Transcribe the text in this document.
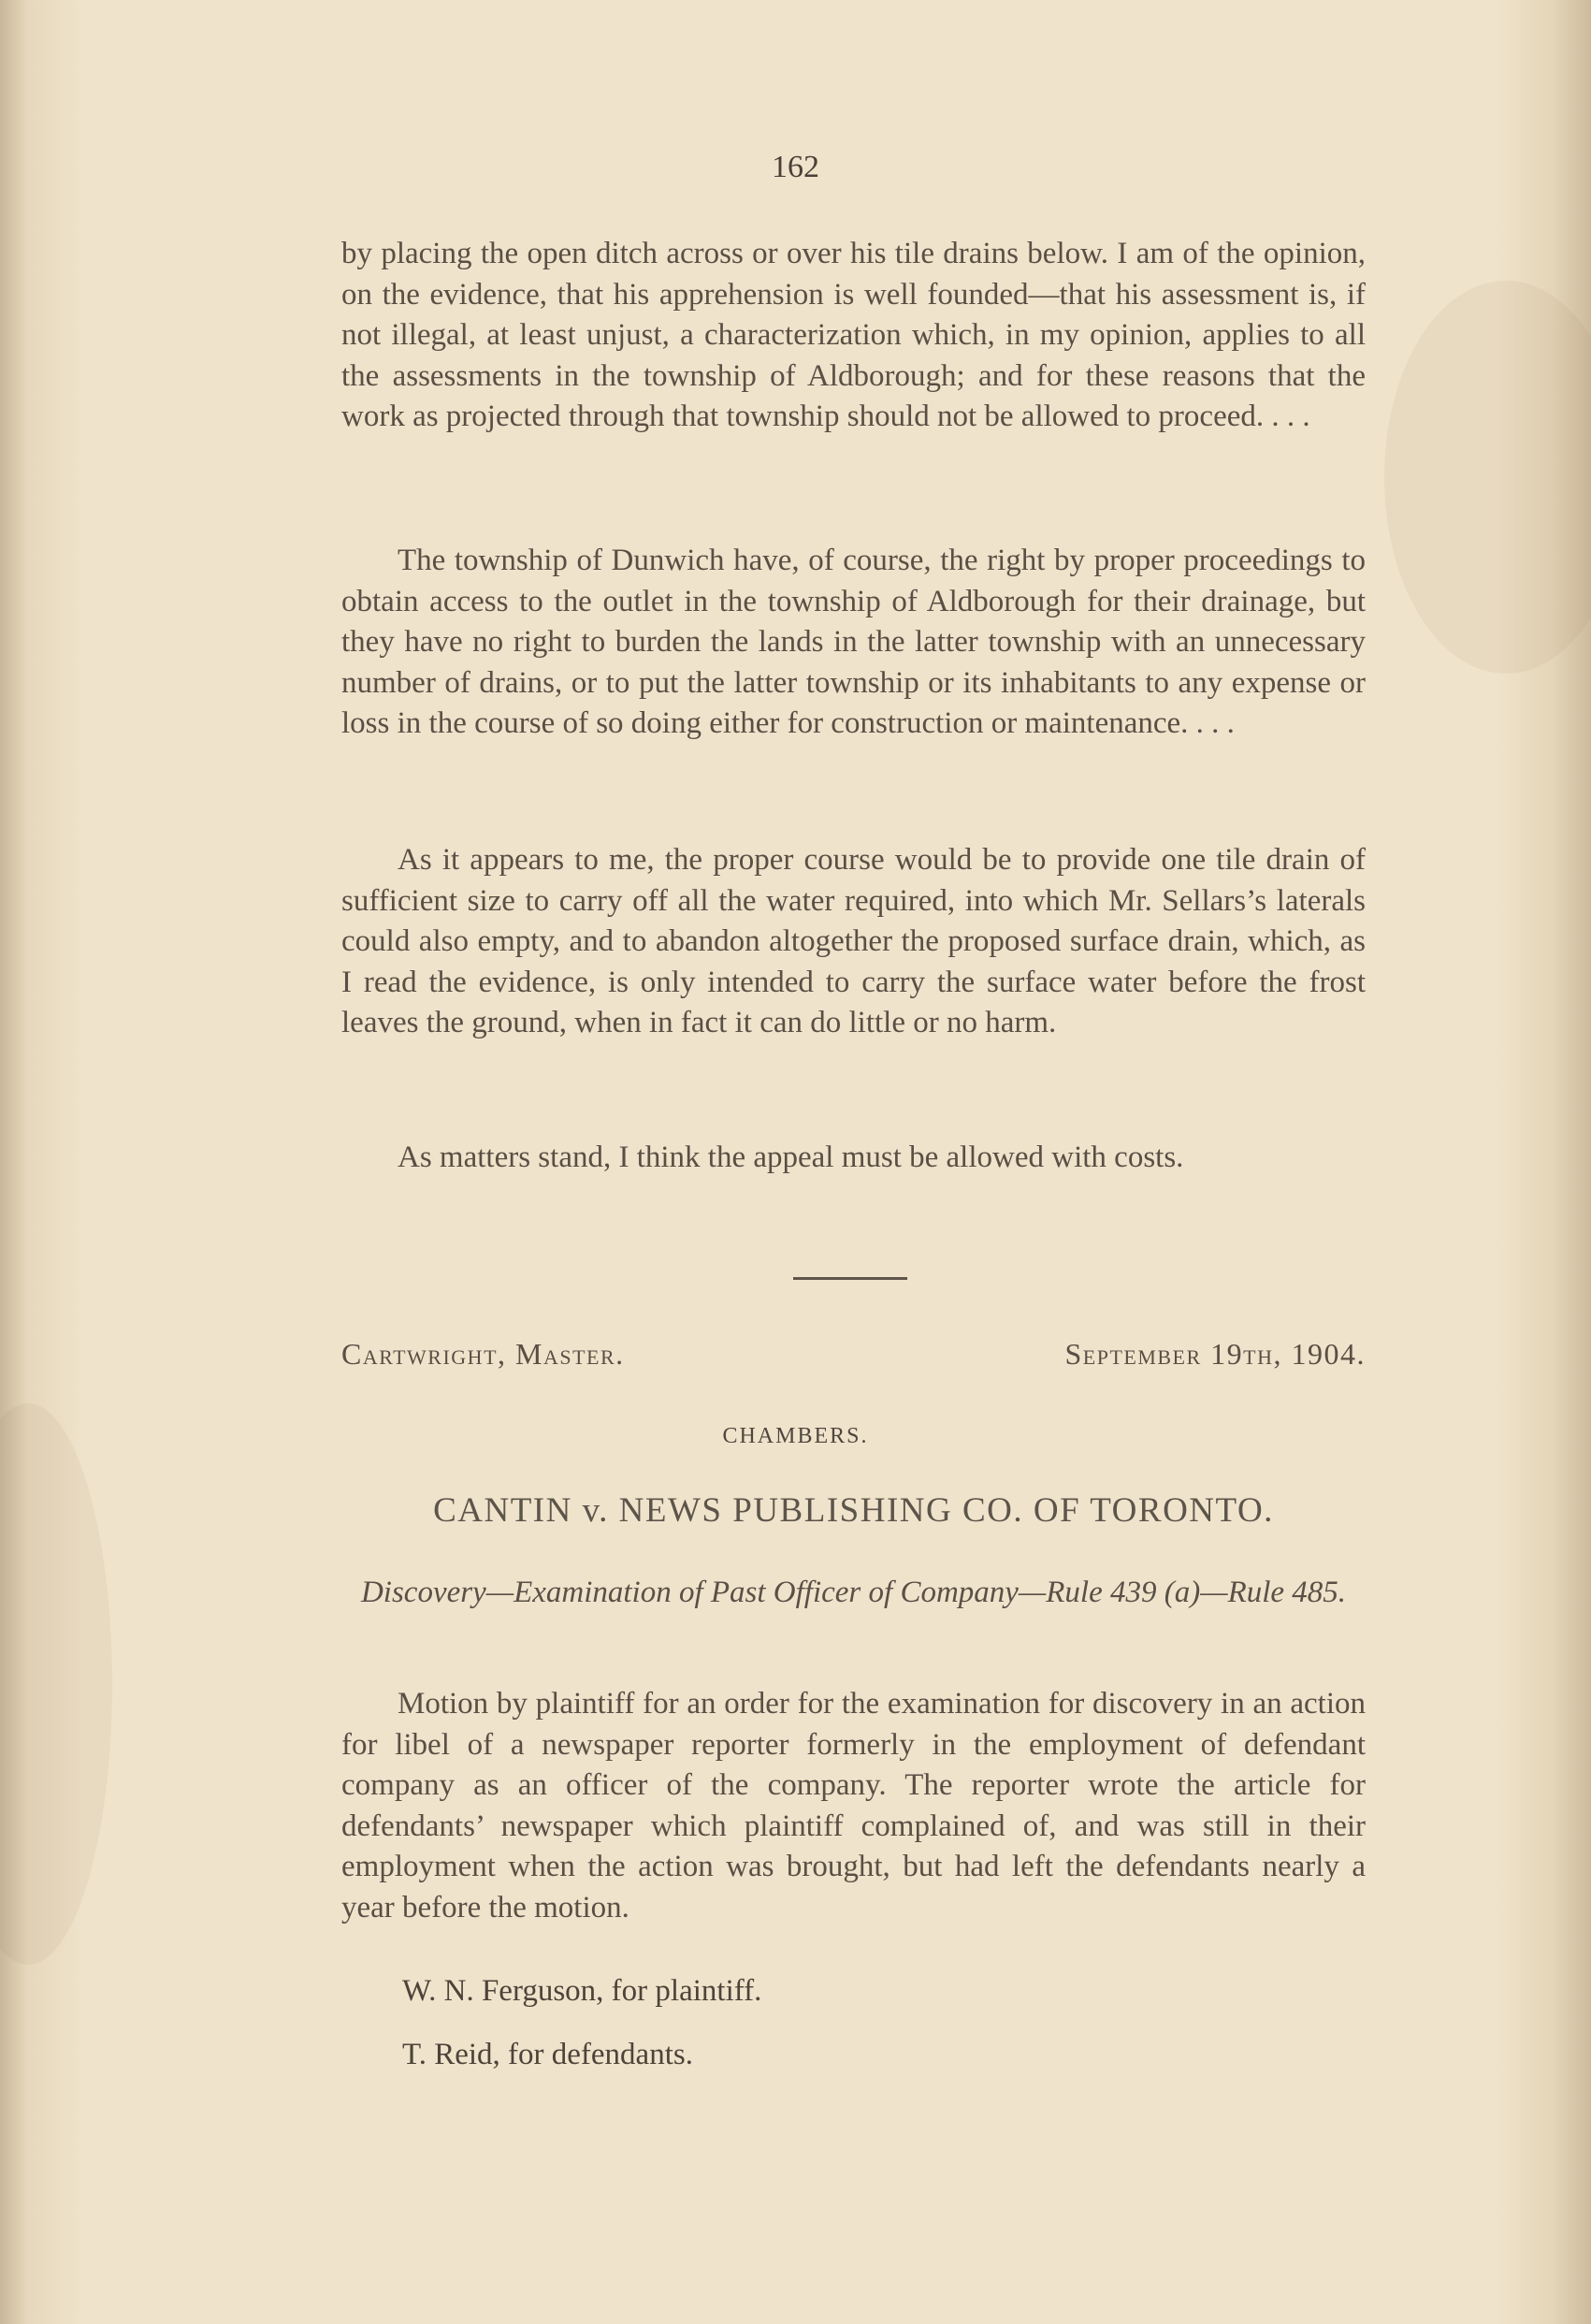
162

by placing the open ditch across or over his tile drains below. I am of the opinion, on the evidence, that his apprehension is well founded—that his assessment is, if not illegal, at least unjust, a characterization which, in my opinion, applies to all the assessments in the township of Aldborough; and for these reasons that the work as projected through that township should not be allowed to proceed. . . .

The township of Dunwich have, of course, the right by proper proceedings to obtain access to the outlet in the township of Aldborough for their drainage, but they have no right to burden the lands in the latter township with an unnecessary number of drains, or to put the latter township or its inhabitants to any expense or loss in the course of so doing either for construction or maintenance. . . .

As it appears to me, the proper course would be to provide one tile drain of sufficient size to carry off all the water required, into which Mr. Sellars’s laterals could also empty, and to abandon altogether the proposed surface drain, which, as I read the evidence, is only intended to carry the surface water before the frost leaves the ground, when in fact it can do little or no harm.

As matters stand, I think the appeal must be allowed with costs.

Cartwright, Master.	September 19th, 1904.
CHAMBERS.
CANTIN v. NEWS PUBLISHING CO. OF TORONTO.
Discovery—Examination of Past Officer of Company—Rule 439 (a)—Rule 485.

Motion by plaintiff for an order for the examination for discovery in an action for libel of a newspaper reporter formerly in the employment of defendant company as an officer of the company. The reporter wrote the article for defendants’ newspaper which plaintiff complained of, and was still in their employment when the action was brought, but had left the defendants nearly a year before the motion.

W. N. Ferguson, for plaintiff.
T. Reid, for defendants.
